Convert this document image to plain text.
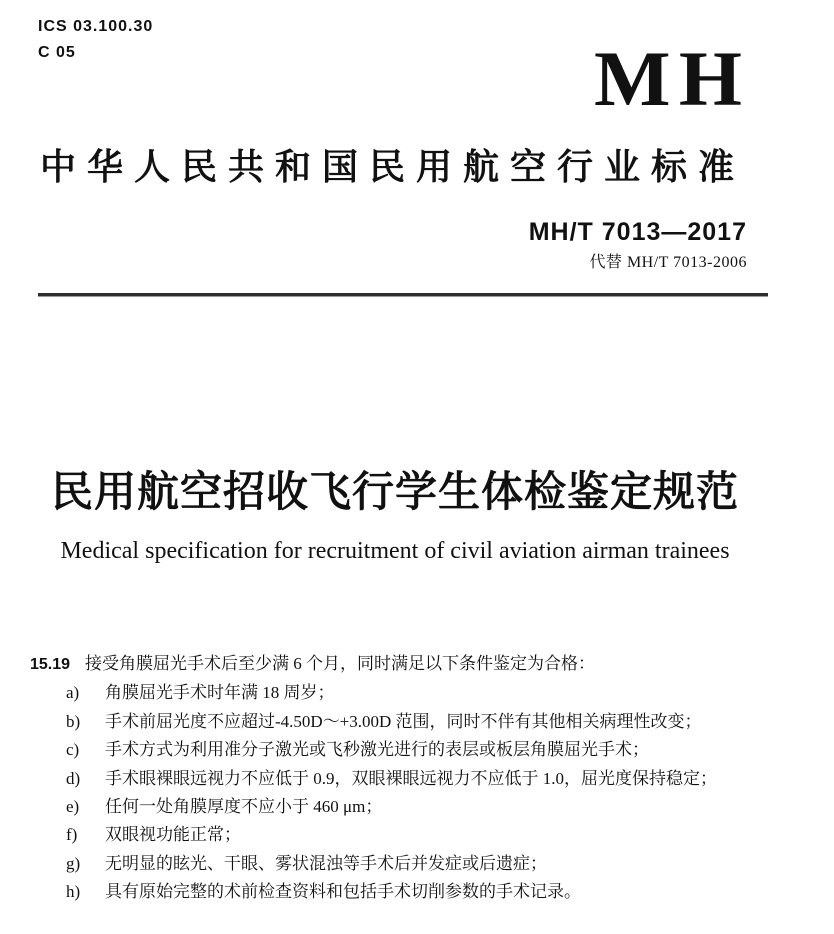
ICS 03.100.30
C 05	MH
中华人民共和国民用航空行业标准
MH/T 7013—2017
代替 MH/T 7013-2006
民用航空招收飞行学生体检鉴定规范
Medical specification for recruitment of civil aviation airman trainees
15.19 接受角膜屈光手术后至少满 6 个月，同时满足以下条件鉴定为合格：
a) 角膜屈光手术时年满 18 周岁；
b) 手术前屈光度不应超过-4.50D～+3.00D 范围，同时不伴有其他相关病理性改变；
c) 手术方式为利用准分子激光或飞秒激光进行的表层或板层角膜屈光手术；
d) 手术眼裸眼远视力不应低于 0.9，双眼裸眼远视力不应低于 1.0，屈光度保持稳定；
e) 任何一处角膜厚度不应小于 460 μm；
f) 双眼视功能正常；
g) 无明显的眩光、干眼、雾状混浊等手术后并发症或后遗症；
h) 具有原始完整的术前检查资料和包括手术切削参数的手术记录。
